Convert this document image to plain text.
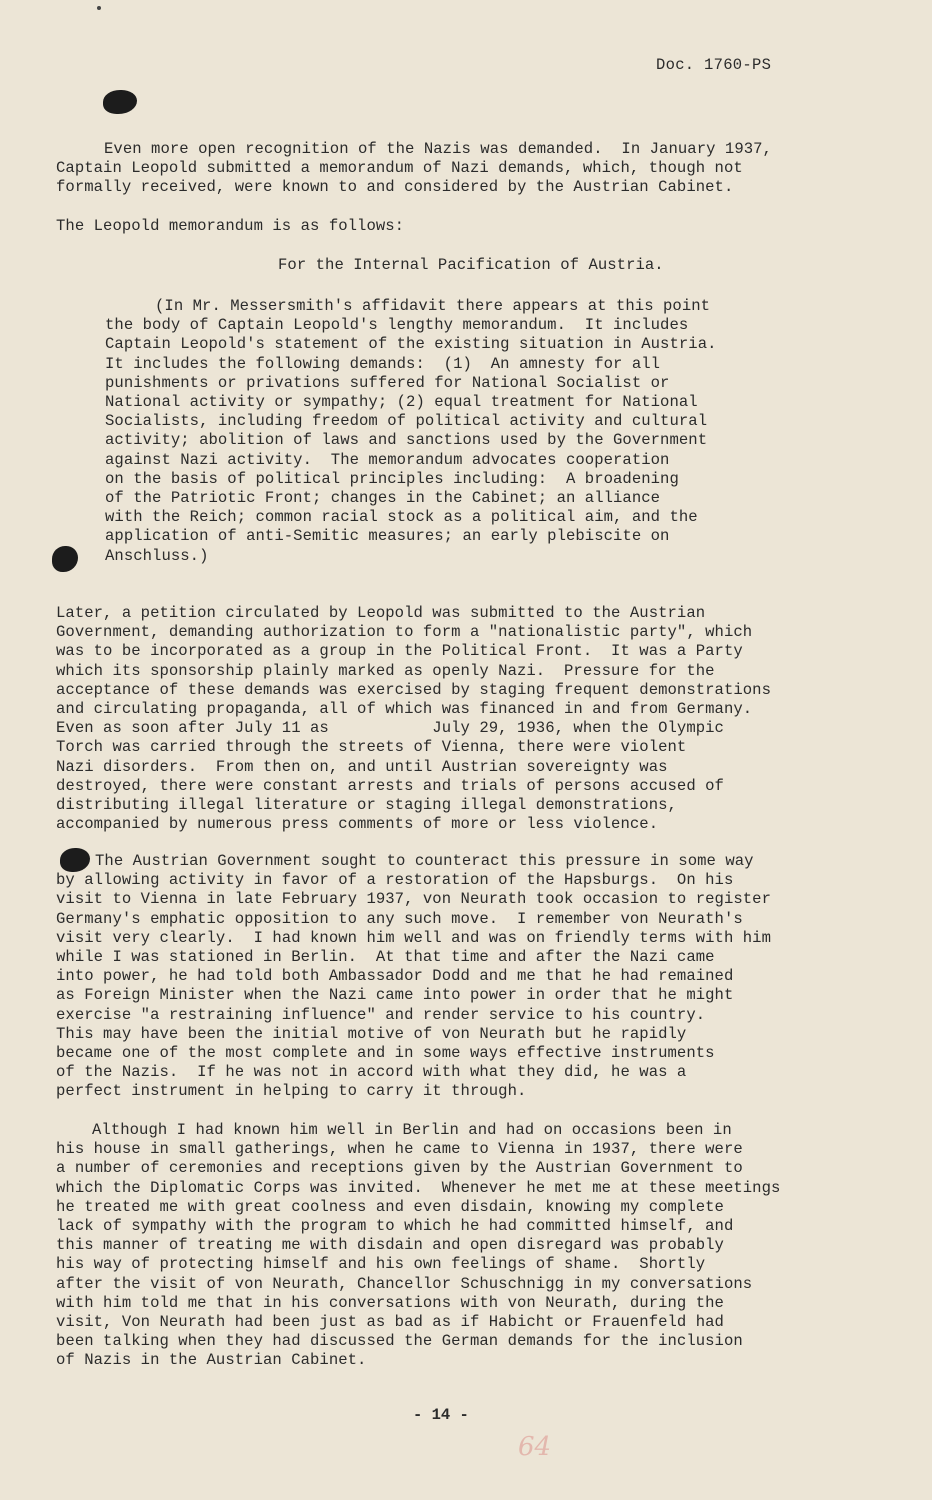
Doc. 1760-PS
Even more open recognition of the Nazis was demanded.  In January 1937,
Captain Leopold submitted a memorandum of Nazi demands, which, though not
formally received, were known to and considered by the Austrian Cabinet.
The Leopold memorandum is as follows:
For the Internal Pacification of Austria.
(In Mr. Messersmith's affidavit there appears at this point
the body of Captain Leopold's lengthy memorandum.  It includes
Captain Leopold's statement of the existing situation in Austria.
It includes the following demands:  (1)  An amnesty for all
punishments or privations suffered for National Socialist or
National activity or sympathy; (2) equal treatment for National
Socialists, including freedom of political activity and cultural
activity; abolition of laws and sanctions used by the Government
against Nazi activity.  The memorandum advocates cooperation
on the basis of political principles including:  A broadening
of the Patriotic Front; changes in the Cabinet; an alliance
with the Reich; common racial stock as a political aim, and the
application of anti-Semitic measures; an early plebiscite on
Anschluss.)
Later, a petition circulated by Leopold was submitted to the Austrian
Government, demanding authorization to form a "nationalistic party", which
was to be incorporated as a group in the Political Front.  It was a Party
which its sponsorship plainly marked as openly Nazi.  Pressure for the
acceptance of these demands was exercised by staging frequent demonstrations
and circulating propaganda, all of which was financed in and from Germany.
Even as soon after July 11 as           July 29, 1936, when the Olympic
Torch was carried through the streets of Vienna, there were violent
Nazi disorders.  From then on, and until Austrian sovereignty was
destroyed, there were constant arrests and trials of persons accused of
distributing illegal literature or staging illegal demonstrations,
accompanied by numerous press comments of more or less violence.
The Austrian Government sought to counteract this pressure in some way
by allowing activity in favor of a restoration of the Hapsburgs.  On his
visit to Vienna in late February 1937, von Neurath took occasion to register
Germany's emphatic opposition to any such move.  I remember von Neurath's
visit very clearly.  I had known him well and was on friendly terms with him
while I was stationed in Berlin.  At that time and after the Nazi came
into power, he had told both Ambassador Dodd and me that he had remained
as Foreign Minister when the Nazi came into power in order that he might
exercise "a restraining influence" and render service to his country.
This may have been the initial motive of von Neurath but he rapidly
became one of the most complete and in some ways effective instruments
of the Nazis.  If he was not in accord with what they did, he was a
perfect instrument in helping to carry it through.
Although I had known him well in Berlin and had on occasions been in
his house in small gatherings, when he came to Vienna in 1937, there were
a number of ceremonies and receptions given by the Austrian Government to
which the Diplomatic Corps was invited.  Whenever he met me at these meetings
he treated me with great coolness and even disdain, knowing my complete
lack of sympathy with the program to which he had committed himself, and
this manner of treating me with disdain and open disregard was probably
his way of protecting himself and his own feelings of shame.  Shortly
after the visit of von Neurath, Chancellor Schuschnigg in my conversations
with him told me that in his conversations with von Neurath, during the
visit, Von Neurath had been just as bad as if Habicht or Frauenfeld had
been talking when they had discussed the German demands for the inclusion
of Nazis in the Austrian Cabinet.
- 14 -
64
